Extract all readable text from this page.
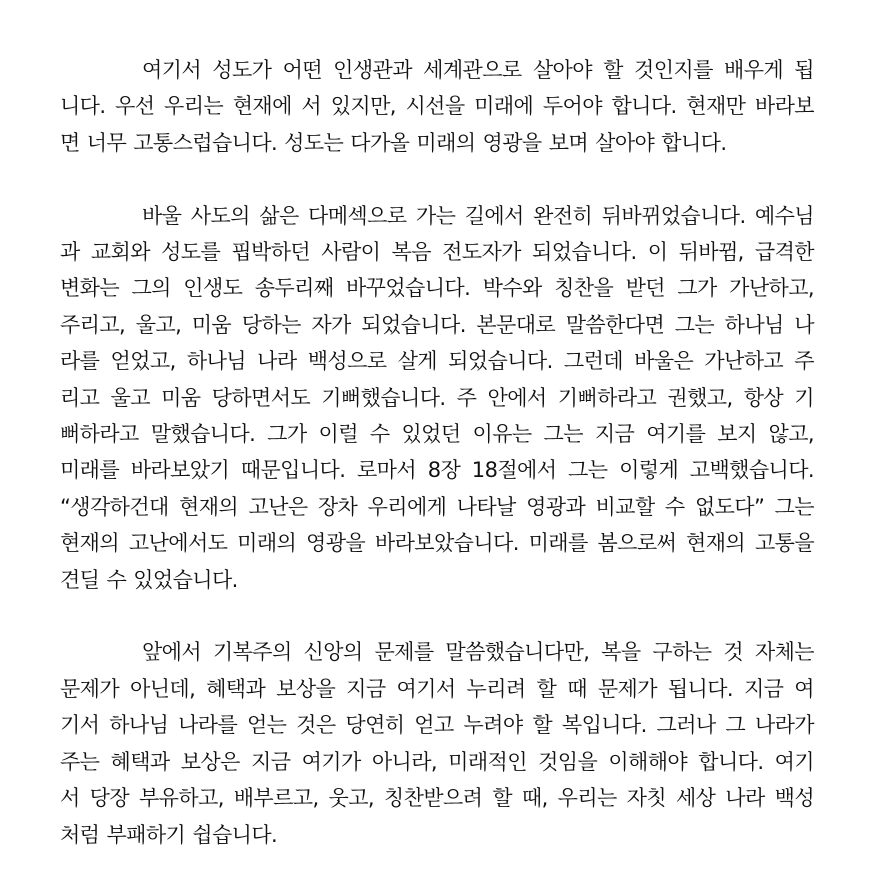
여기서 성도가 어떤 인생관과 세계관으로 살아야 할 것인지를 배우게 됩
니다. 우선 우리는 현재에 서 있지만, 시선을 미래에 두어야 합니다. 현재만 바라보
면 너무 고통스럽습니다. 성도는 다가올 미래의 영광을 보며 살아야 합니다.
바울 사도의 삶은 다메섹으로 가는 길에서 완전히 뒤바뀌었습니다. 예수님
과 교회와 성도를 핍박하던 사람이 복음 전도자가 되었습니다. 이 뒤바뀜, 급격한
변화는 그의 인생도 송두리째 바꾸었습니다. 박수와 칭찬을 받던 그가 가난하고,
주리고, 울고, 미움 당하는 자가 되었습니다. 본문대로 말씀한다면 그는 하나님 나
라를 얻었고, 하나님 나라 백성으로 살게 되었습니다. 그런데 바울은 가난하고 주
리고 울고 미움 당하면서도 기뻐했습니다. 주 안에서 기뻐하라고 권했고, 항상 기
뻐하라고 말했습니다. 그가 이럴 수 있었던 이유는 그는 지금 여기를 보지 않고,
미래를 바라보았기 때문입니다. 로마서 8장 18절에서 그는 이렇게 고백했습니다.
“생각하건대 현재의 고난은 장차 우리에게 나타날 영광과 비교할 수 없도다” 그는
현재의 고난에서도 미래의 영광을 바라보았습니다. 미래를 봄으로써 현재의 고통을
견딜 수 있었습니다.
앞에서 기복주의 신앙의 문제를 말씀했습니다만, 복을 구하는 것 자체는
문제가 아닌데, 혜택과 보상을 지금 여기서 누리려 할 때 문제가 됩니다. 지금 여
기서 하나님 나라를 얻는 것은 당연히 얻고 누려야 할 복입니다. 그러나 그 나라가
주는 혜택과 보상은 지금 여기가 아니라, 미래적인 것임을 이해해야 합니다. 여기
서 당장 부유하고, 배부르고, 웃고, 칭찬받으려 할 때, 우리는 자칫 세상 나라 백성
처럼 부패하기 쉽습니다.
